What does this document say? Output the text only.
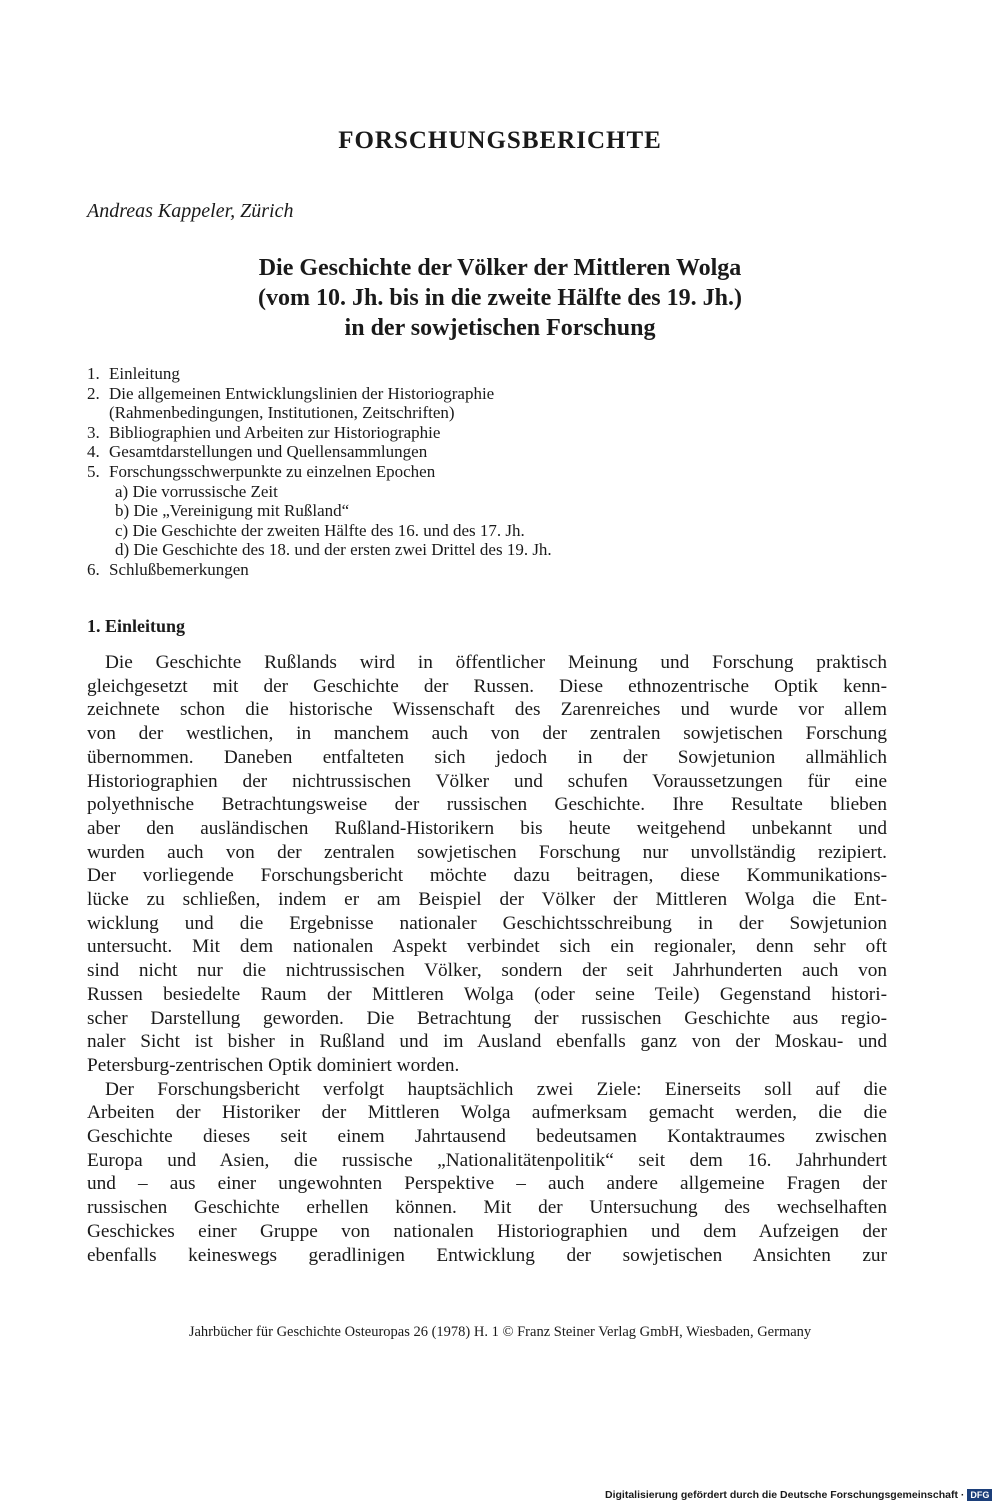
FORSCHUNGSBERICHTE
Andreas Kappeler, Zürich
Die Geschichte der Völker der Mittleren Wolga
(vom 10. Jh. bis in die zweite Hälfte des 19. Jh.)
in der sowjetischen Forschung
1. Einleitung
2. Die allgemeinen Entwicklungslinien der Historiographie
(Rahmenbedingungen, Institutionen, Zeitschriften)
3. Bibliographien und Arbeiten zur Historiographie
4. Gesamtdarstellungen und Quellensammlungen
5. Forschungsschwerpunkte zu einzelnen Epochen
a) Die vorrussische Zeit
b) Die „Vereinigung mit Rußland“
c) Die Geschichte der zweiten Hälfte des 16. und des 17. Jh.
d) Die Geschichte des 18. und der ersten zwei Drittel des 19. Jh.
6. Schlußbemerkungen
1. Einleitung
Die Geschichte Rußlands wird in öffentlicher Meinung und Forschung praktisch
gleichgesetzt mit der Geschichte der Russen. Diese ethnozentrische Optik kenn-
zeichnete schon die historische Wissenschaft des Zarenreiches und wurde vor allem
von der westlichen, in manchem auch von der zentralen sowjetischen Forschung
übernommen. Daneben entfalteten sich jedoch in der Sowjetunion allmählich
Historiographien der nichtrussischen Völker und schufen Voraussetzungen für eine
polyethnische Betrachtungsweise der russischen Geschichte. Ihre Resultate blieben
aber den ausländischen Rußland-Historikern bis heute weitgehend unbekannt und
wurden auch von der zentralen sowjetischen Forschung nur unvollständig rezipiert.
Der vorliegende Forschungsbericht möchte dazu beitragen, diese Kommunikations-
lücke zu schließen, indem er am Beispiel der Völker der Mittleren Wolga die Ent-
wicklung und die Ergebnisse nationaler Geschichtsschreibung in der Sowjetunion
untersucht. Mit dem nationalen Aspekt verbindet sich ein regionaler, denn sehr oft
sind nicht nur die nichtrussischen Völker, sondern der seit Jahrhunderten auch von
Russen besiedelte Raum der Mittleren Wolga (oder seine Teile) Gegenstand histori-
scher Darstellung geworden. Die Betrachtung der russischen Geschichte aus regio-
naler Sicht ist bisher in Rußland und im Ausland ebenfalls ganz von der Moskau- und
Petersburg-zentrischen Optik dominiert worden.
Der Forschungsbericht verfolgt hauptsächlich zwei Ziele: Einerseits soll auf die
Arbeiten der Historiker der Mittleren Wolga aufmerksam gemacht werden, die die
Geschichte dieses seit einem Jahrtausend bedeutsamen Kontaktraumes zwischen
Europa und Asien, die russische „Nationalitätenpolitik“ seit dem 16. Jahrhundert
und – aus einer ungewohnten Perspektive – auch andere allgemeine Fragen der
russischen Geschichte erhellen können. Mit der Untersuchung des wechselhaften
Geschickes einer Gruppe von nationalen Historiographien und dem Aufzeigen der
ebenfalls keineswegs geradlinigen Entwicklung der sowjetischen Ansichten zur
Jahrbücher für Geschichte Osteuropas 26 (1978) H. 1 © Franz Steiner Verlag GmbH, Wiesbaden, Germany
Digitalisierung gefördert durch die Deutsche Forschungsgemeinschaft · DFG
